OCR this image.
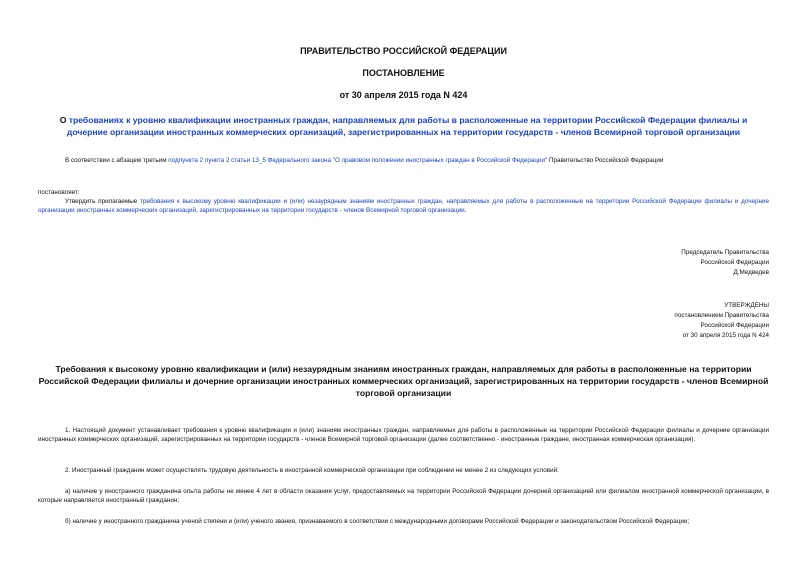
ПРАВИТЕЛЬСТВО РОССИЙСКОЙ ФЕДЕРАЦИИ
ПОСТАНОВЛЕНИЕ
от 30 апреля 2015 года N 424
О требованиях к уровню квалификации иностранных граждан, направляемых для работы в расположенные на территории Российской Федерации филиалы и дочерние организации иностранных коммерческих организаций, зарегистрированных на территории государств - членов Всемирной торговой организации
В соответствии с абзацем третьим подпункта 2 пункта 2 статьи 13_5 Федерального закона "О правовом положении иностранных граждан в Российской Федерации" Правительство Российской Федерации
постановляет:
Утвердить прилагаемые требования к высокому уровню квалификации и (или) незаурядным знаниям иностранных граждан, направляемых для работы в расположенные на территории Российской Федерации филиалы и дочерние организации иностранных коммерческих организаций, зарегистрированных на территории государств - членов Всемирной торговой организации.
Председатель Правительства
Российской Федерации
Д.Медведев
УТВЕРЖДЕНЫ
постановлением Правительства
Российской Федерации
от 30 апреля 2015 года N 424
Требования к высокому уровню квалификации и (или) незаурядным знаниям иностранных граждан, направляемых для работы в расположенные на территории Российской Федерации филиалы и дочерние организации иностранных коммерческих организаций, зарегистрированных на территории государств - членов Всемирной торговой организации
1. Настоящий документ устанавливает требования к уровню квалификации и (или) знаниям иностранных граждан, направляемых для работы в расположенные на территории Российской Федерации филиалы и дочерние организации иностранных коммерческих организаций, зарегистрированных на территории государств - членов Всемирной торговой организации (далее соответственно - иностранные граждане, иностранная коммерческая организация).
2. Иностранный гражданин может осуществлять трудовую деятельность в иностранной коммерческой организации при соблюдении не менее 2 из следующих условий:
а) наличие у иностранного гражданина опыта работы не менее 4 лет в области оказания услуг, предоставляемых на территории Российской Федерации дочерней организацией или филиалом иностранной коммерческой организации, в которые направляется иностранный гражданин;
б) наличие у иностранного гражданина ученой степени и (или) ученого звания, признаваемого в соответствии с международными договорами Российской Федерации и законодательством Российской Федерации;
